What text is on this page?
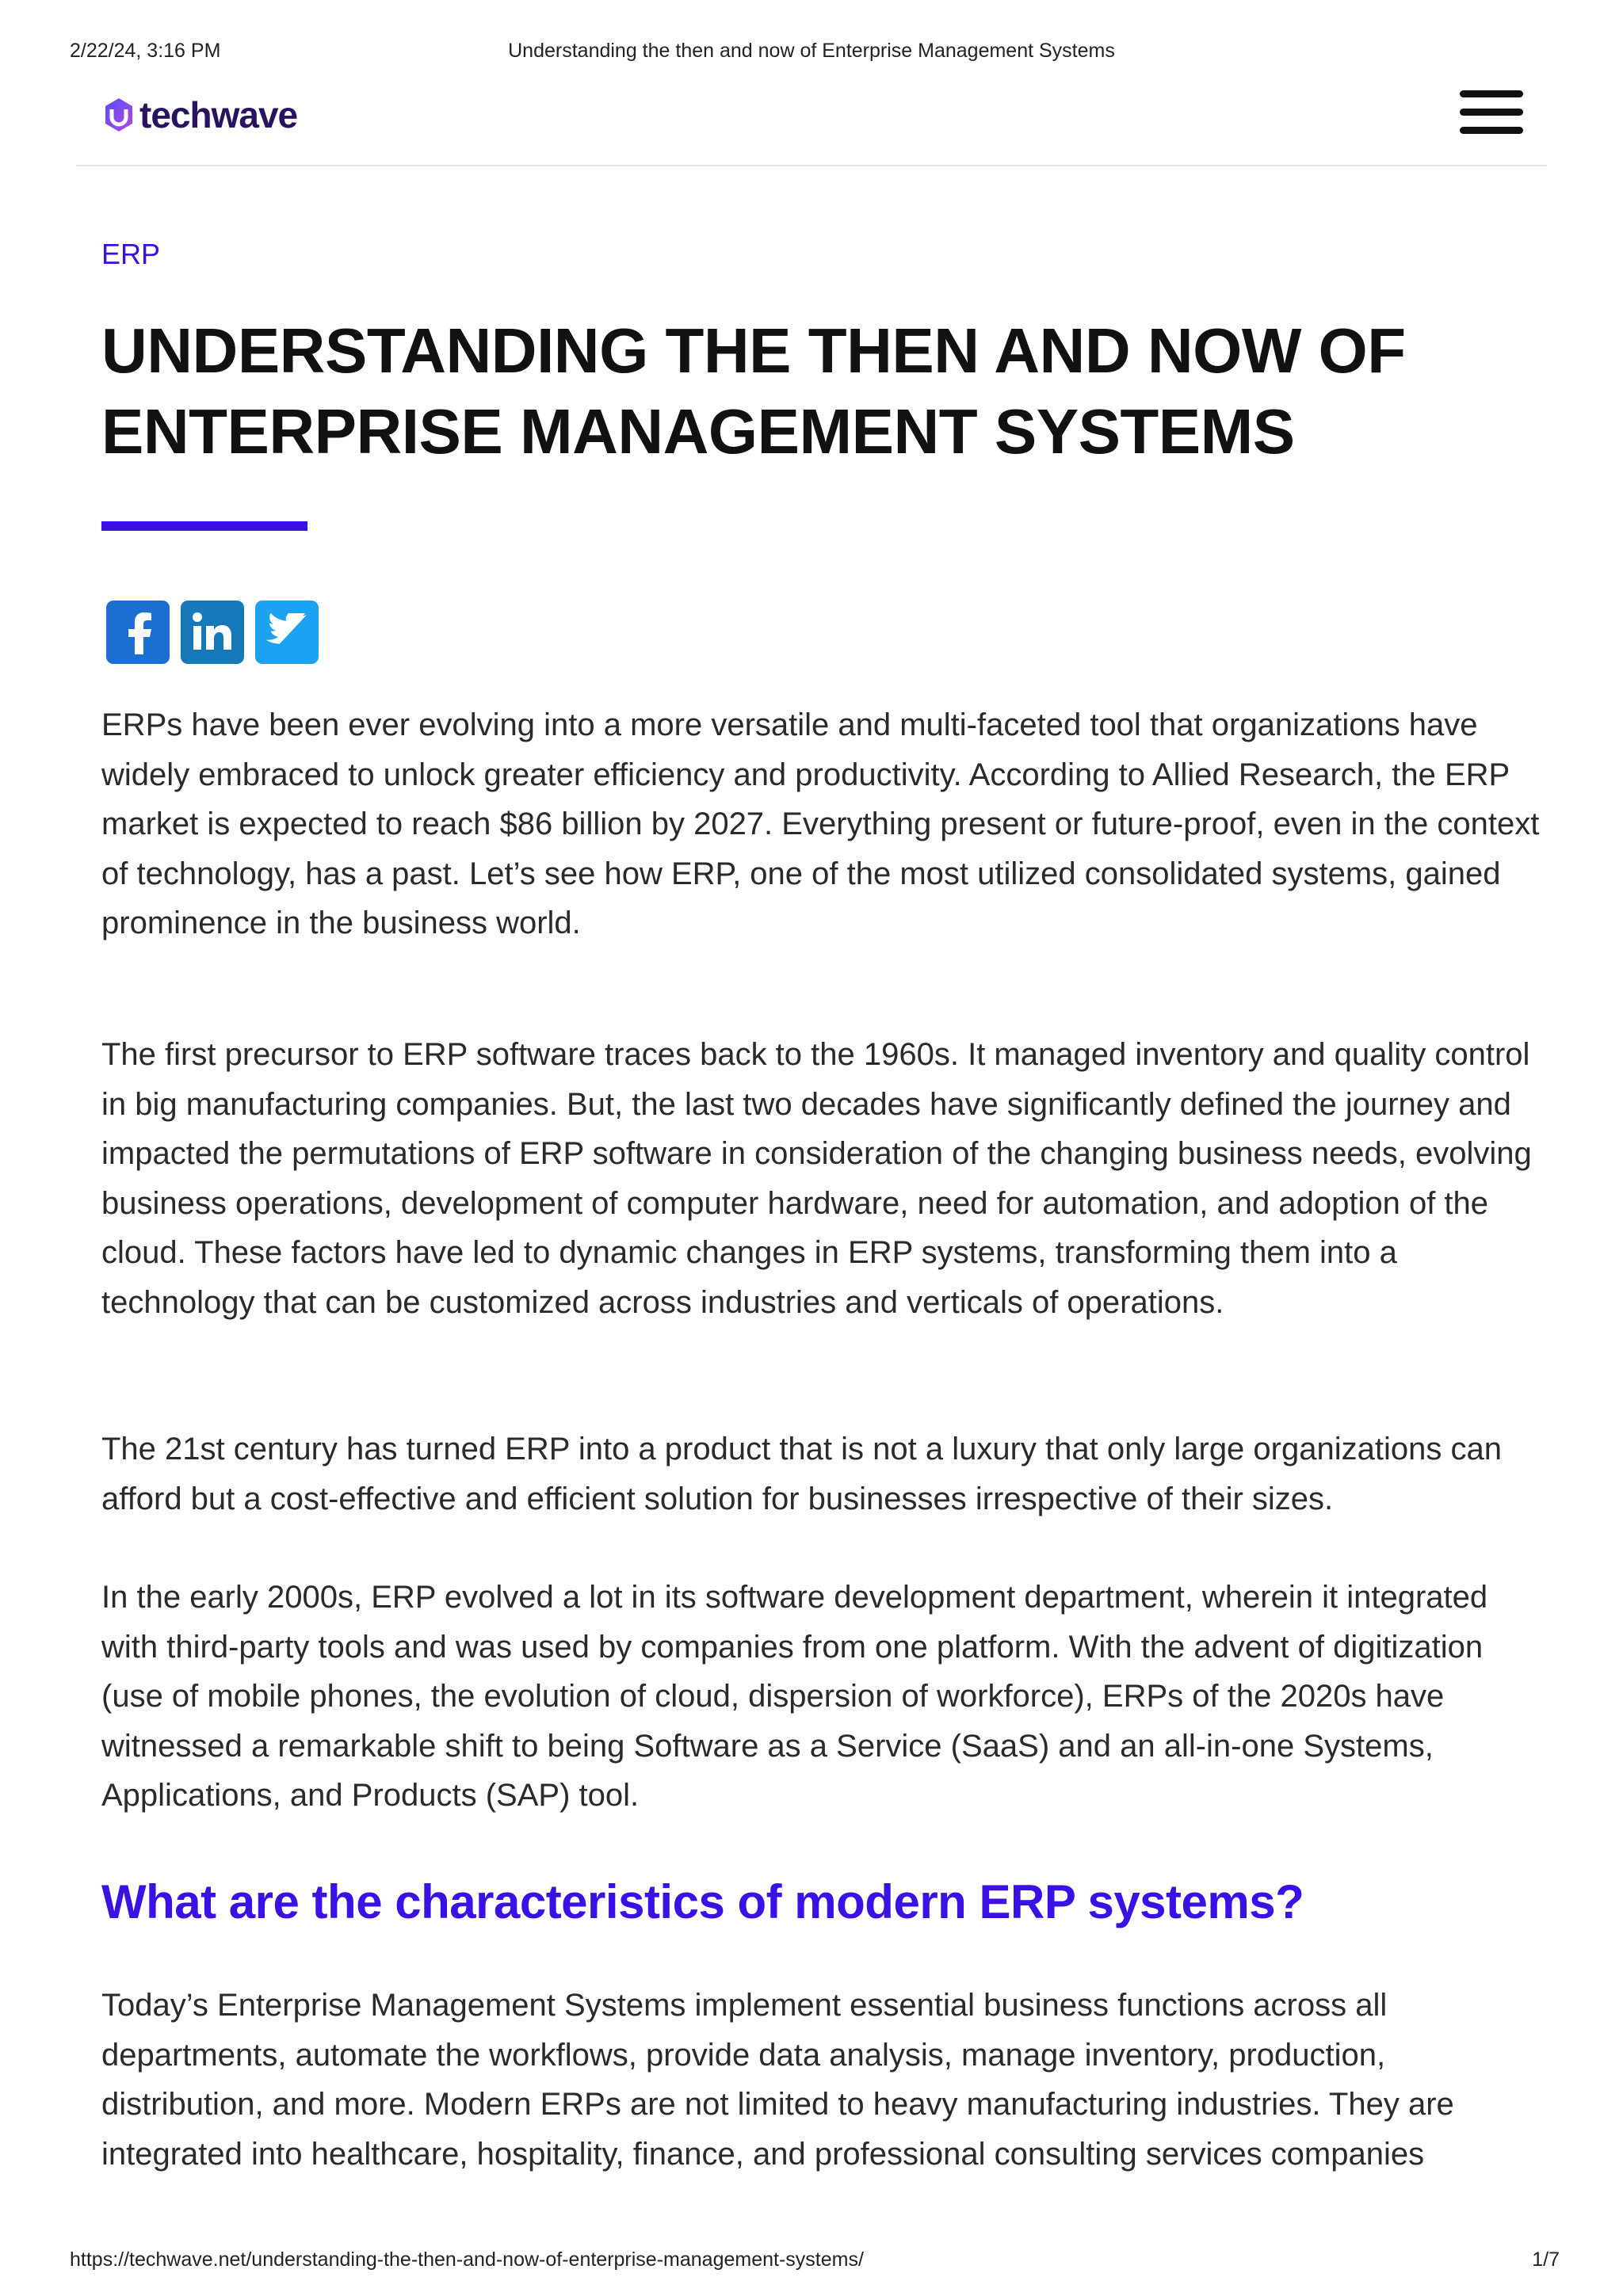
2/22/24, 3:16 PM	Understanding the then and now of Enterprise Management Systems
techwave
ERP
UNDERSTANDING THE THEN AND NOW OF ENTERPRISE MANAGEMENT SYSTEMS

ERPs have been ever evolving into a more versatile and multi-faceted tool that organizations have widely embraced to unlock greater efficiency and productivity. According to Allied Research, the ERP market is expected to reach $86 billion by 2027. Everything present or future-proof, even in the context of technology, has a past. Let’s see how ERP, one of the most utilized consolidated systems, gained prominence in the business world.

The first precursor to ERP software traces back to the 1960s. It managed inventory and quality control in big manufacturing companies. But, the last two decades have significantly defined the journey and impacted the permutations of ERP software in consideration of the changing business needs, evolving business operations, development of computer hardware, need for automation, and adoption of the cloud. These factors have led to dynamic changes in ERP systems, transforming them into a technology that can be customized across industries and verticals of operations.

The 21st century has turned ERP into a product that is not a luxury that only large organizations can afford but a cost-effective and efficient solution for businesses irrespective of their sizes.

In the early 2000s, ERP evolved a lot in its software development department, wherein it integrated with third-party tools and was used by companies from one platform. With the advent of digitization (use of mobile phones, the evolution of cloud, dispersion of workforce), ERPs of the 2020s have witnessed a remarkable shift to being Software as a Service (SaaS) and an all-in-one Systems, Applications, and Products (SAP) tool.

What are the characteristics of modern ERP systems?

Today’s Enterprise Management Systems implement essential business functions across all departments, automate the workflows, provide data analysis, manage inventory, production, distribution, and more. Modern ERPs are not limited to heavy manufacturing industries. They are integrated into healthcare, hospitality, finance, and professional consulting services companies

https://techwave.net/understanding-the-then-and-now-of-enterprise-management-systems/	1/7
